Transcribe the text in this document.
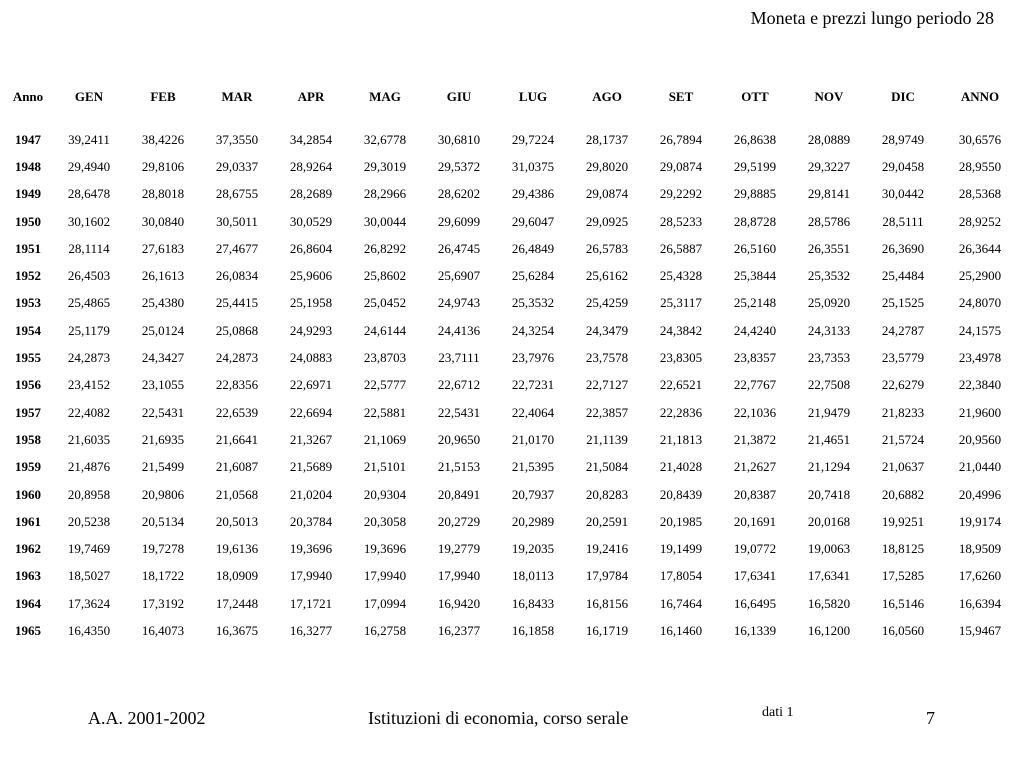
Moneta e prezzi lungo periodo 28
Anno	GEN	FEB	MAR	APR	MAG	GIU	LUG	AGO	SET	OTT	NOV	DIC	ANNO

1947	39,2411	38,4226	37,3550	34,2854	32,6778	30,6810	29,7224	28,1737	26,7894	26,8638	28,0889	28,9749	30,6576
1948	29,4940	29,8106	29,0337	28,9264	29,3019	29,5372	31,0375	29,8020	29,0874	29,5199	29,3227	29,0458	28,9550
1949	28,6478	28,8018	28,6755	28,2689	28,2966	28,6202	29,4386	29,0874	29,2292	29,8885	29,8141	30,0442	28,5368
1950	30,1602	30,0840	30,5011	30,0529	30,0044	29,6099	29,6047	29,0925	28,5233	28,8728	28,5786	28,5111	28,9252
1951	28,1114	27,6183	27,4677	26,8604	26,8292	26,4745	26,4849	26,5783	26,5887	26,5160	26,3551	26,3690	26,3644
1952	26,4503	26,1613	26,0834	25,9606	25,8602	25,6907	25,6284	25,6162	25,4328	25,3844	25,3532	25,4484	25,2900
1953	25,4865	25,4380	25,4415	25,1958	25,0452	24,9743	25,3532	25,4259	25,3117	25,2148	25,0920	25,1525	24,8070
1954	25,1179	25,0124	25,0868	24,9293	24,6144	24,4136	24,3254	24,3479	24,3842	24,4240	24,3133	24,2787	24,1575
1955	24,2873	24,3427	24,2873	24,0883	23,8703	23,7111	23,7976	23,7578	23,8305	23,8357	23,7353	23,5779	23,4978
1956	23,4152	23,1055	22,8356	22,6971	22,5777	22,6712	22,7231	22,7127	22,6521	22,7767	22,7508	22,6279	22,3840
1957	22,4082	22,5431	22,6539	22,6694	22,5881	22,5431	22,4064	22,3857	22,2836	22,1036	21,9479	21,8233	21,9600
1958	21,6035	21,6935	21,6641	21,3267	21,1069	20,9650	21,0170	21,1139	21,1813	21,3872	21,4651	21,5724	20,9560
1959	21,4876	21,5499	21,6087	21,5689	21,5101	21,5153	21,5395	21,5084	21,4028	21,2627	21,1294	21,0637	21,0440
1960	20,8958	20,9806	21,0568	21,0204	20,9304	20,8491	20,7937	20,8283	20,8439	20,8387	20,7418	20,6882	20,4996
1961	20,5238	20,5134	20,5013	20,3784	20,3058	20,2729	20,2989	20,2591	20,1985	20,1691	20,0168	19,9251	19,9174
1962	19,7469	19,7278	19,6136	19,3696	19,3696	19,2779	19,2035	19,2416	19,1499	19,0772	19,0063	18,8125	18,9509
1963	18,5027	18,1722	18,0909	17,9940	17,9940	17,9940	18,0113	17,9784	17,8054	17,6341	17,6341	17,5285	17,6260
1964	17,3624	17,3192	17,2448	17,1721	17,0994	16,9420	16,8433	16,8156	16,7464	16,6495	16,5820	16,5146	16,6394
1965	16,4350	16,4073	16,3675	16,3277	16,2758	16,2377	16,1858	16,1719	16,1460	16,1339	16,1200	16,0560	15,9467
A.A. 2001-2002	Istituzioni di economia, corso serale	dati 1	7
